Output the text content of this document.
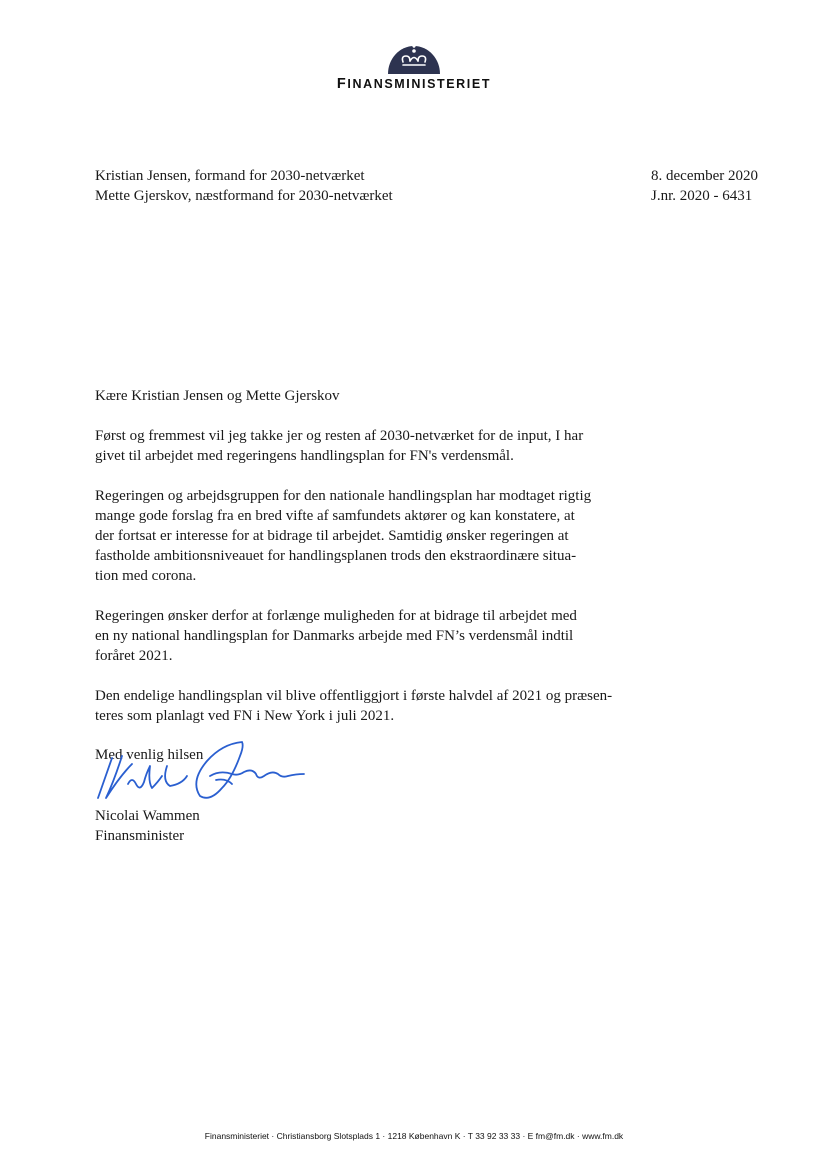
FINANSMINISTERIET
Kristian Jensen, formand for 2030-netværket
Mette Gjerskov, næstformand for 2030-netværket
8. december 2020
J.nr. 2020 - 6431

Kære Kristian Jensen og Mette Gjerskov

Først og fremmest vil jeg takke jer og resten af 2030-netværket for de input, I har
givet til arbejdet med regeringens handlingsplan for FN's verdensmål.

Regeringen og arbejdsgruppen for den nationale handlingsplan har modtaget rigtig
mange gode forslag fra en bred vifte af samfundets aktører og kan konstatere, at
der fortsat er interesse for at bidrage til arbejdet. Samtidig ønsker regeringen at
fastholde ambitionsniveauet for handlingsplanen trods den ekstraordinære situa-
tion med corona.

Regeringen ønsker derfor at forlænge muligheden for at bidrage til arbejdet med
en ny national handlingsplan for Danmarks arbejde med FN’s verdensmål indtil
foråret 2021.

Den endelige handlingsplan vil blive offentliggjort i første halvdel af 2021 og præsen-
teres som planlagt ved FN i New York i juli 2021.

Med venlig hilsen
Nicolai Wammen
Finansminister
Finansministeriet · Christiansborg Slotsplads 1 · 1218 København K · T 33 92 33 33 · E fm@fm.dk · www.fm.dk
